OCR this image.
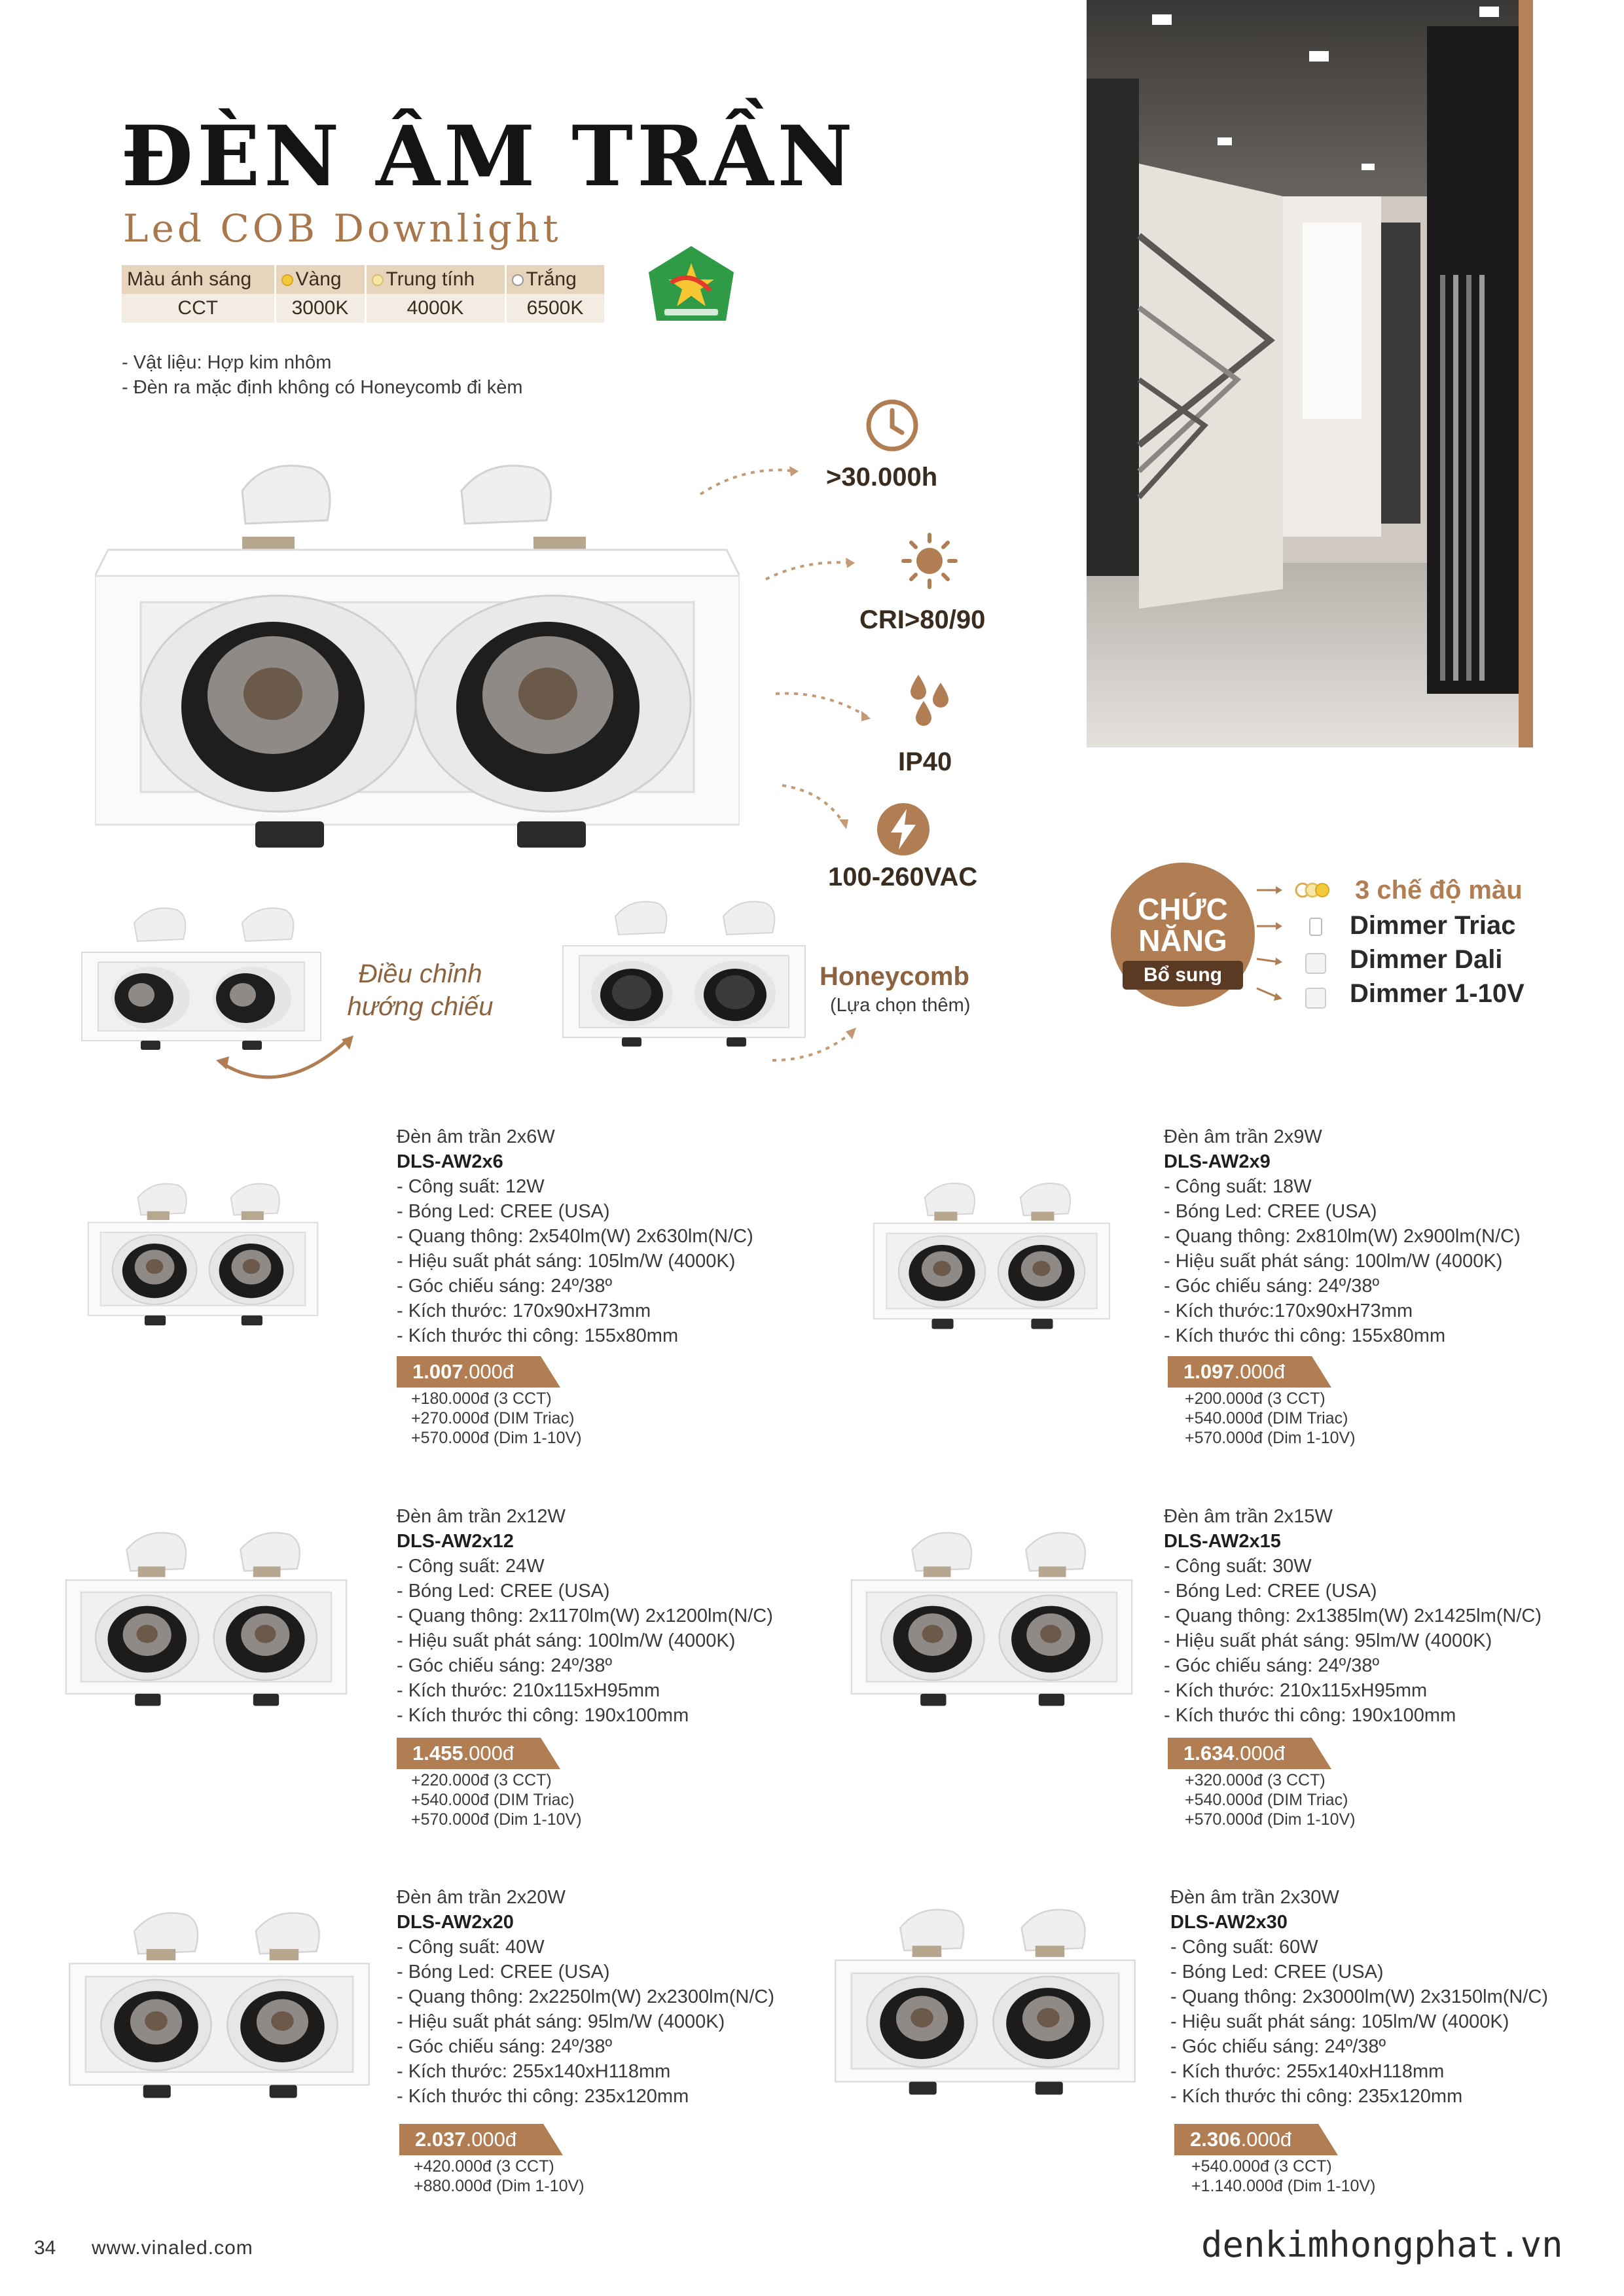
ĐÈN ÂM TRẦN
Led COB Downlight
Màu ánh sáng	Vàng	Trung tính	Trắng
CCT	3000K	4000K	6500K
- Vật liệu: Hợp kim nhôm
- Đèn ra mặc định không có Honeycomb đi kèm
>30.000h
CRI>80/90
IP40
100-260VAC
Điều chỉnh
hướng chiếu
Honeycomb
(Lựa chọn thêm)
CHỨC
NĂNG
Bổ sung
3 chế độ màu
Dimmer Triac
Dimmer Dali
Dimmer 1-10V
Đèn âm trần 2x6W
DLS-AW2x6
- Công suất: 12W
- Bóng Led: CREE (USA)
- Quang thông: 2x540lm(W) 2x630lm(N/C)
- Hiệu suất phát sáng: 105lm/W (4000K)
- Góc chiếu sáng: 24º/38º
- Kích thước: 170x90xH73mm
- Kích thước thi công: 155x80mm
1.007.000đ
+180.000đ (3 CCT)
+270.000đ (DIM Triac)
+570.000đ (Dim 1-10V)
Đèn âm trần 2x9W
DLS-AW2x9
- Công suất: 18W
- Bóng Led: CREE (USA)
- Quang thông: 2x810lm(W) 2x900lm(N/C)
- Hiệu suất phát sáng: 100lm/W (4000K)
- Góc chiếu sáng: 24º/38º
- Kích thước:170x90xH73mm
- Kích thước thi công: 155x80mm
1.097.000đ
+200.000đ (3 CCT)
+540.000đ (DIM Triac)
+570.000đ (Dim 1-10V)
Đèn âm trần 2x12W
DLS-AW2x12
- Công suất: 24W
- Bóng Led: CREE (USA)
- Quang thông: 2x1170lm(W) 2x1200lm(N/C)
- Hiệu suất phát sáng: 100lm/W (4000K)
- Góc chiếu sáng: 24º/38º
- Kích thước: 210x115xH95mm
- Kích thước thi công: 190x100mm
1.455.000đ
+220.000đ (3 CCT)
+540.000đ (DIM Triac)
+570.000đ (Dim 1-10V)
Đèn âm trần 2x15W
DLS-AW2x15
- Công suất: 30W
- Bóng Led: CREE (USA)
- Quang thông: 2x1385lm(W) 2x1425lm(N/C)
- Hiệu suất phát sáng: 95lm/W (4000K)
- Góc chiếu sáng: 24º/38º
- Kích thước: 210x115xH95mm
- Kích thước thi công: 190x100mm
1.634.000đ
+320.000đ (3 CCT)
+540.000đ (DIM Triac)
+570.000đ (Dim 1-10V)
Đèn âm trần 2x20W
DLS-AW2x20
- Công suất: 40W
- Bóng Led: CREE (USA)
- Quang thông: 2x2250lm(W) 2x2300lm(N/C)
- Hiệu suất phát sáng: 95lm/W (4000K)
- Góc chiếu sáng: 24º/38º
- Kích thước: 255x140xH118mm
- Kích thước thi công: 235x120mm
2.037.000đ
+420.000đ (3 CCT)
+880.000đ (Dim 1-10V)
Đèn âm trần 2x30W
DLS-AW2x30
- Công suất: 60W
- Bóng Led: CREE (USA)
- Quang thông: 2x3000lm(W) 2x3150lm(N/C)
- Hiệu suất phát sáng: 105lm/W (4000K)
- Góc chiếu sáng: 24º/38º
- Kích thước: 255x140xH118mm
- Kích thước thi công: 235x120mm
2.306.000đ
+540.000đ (3 CCT)
+1.140.000đ (Dim 1-10V)
34 www.vinaled.com	denkimhongphat.vn
